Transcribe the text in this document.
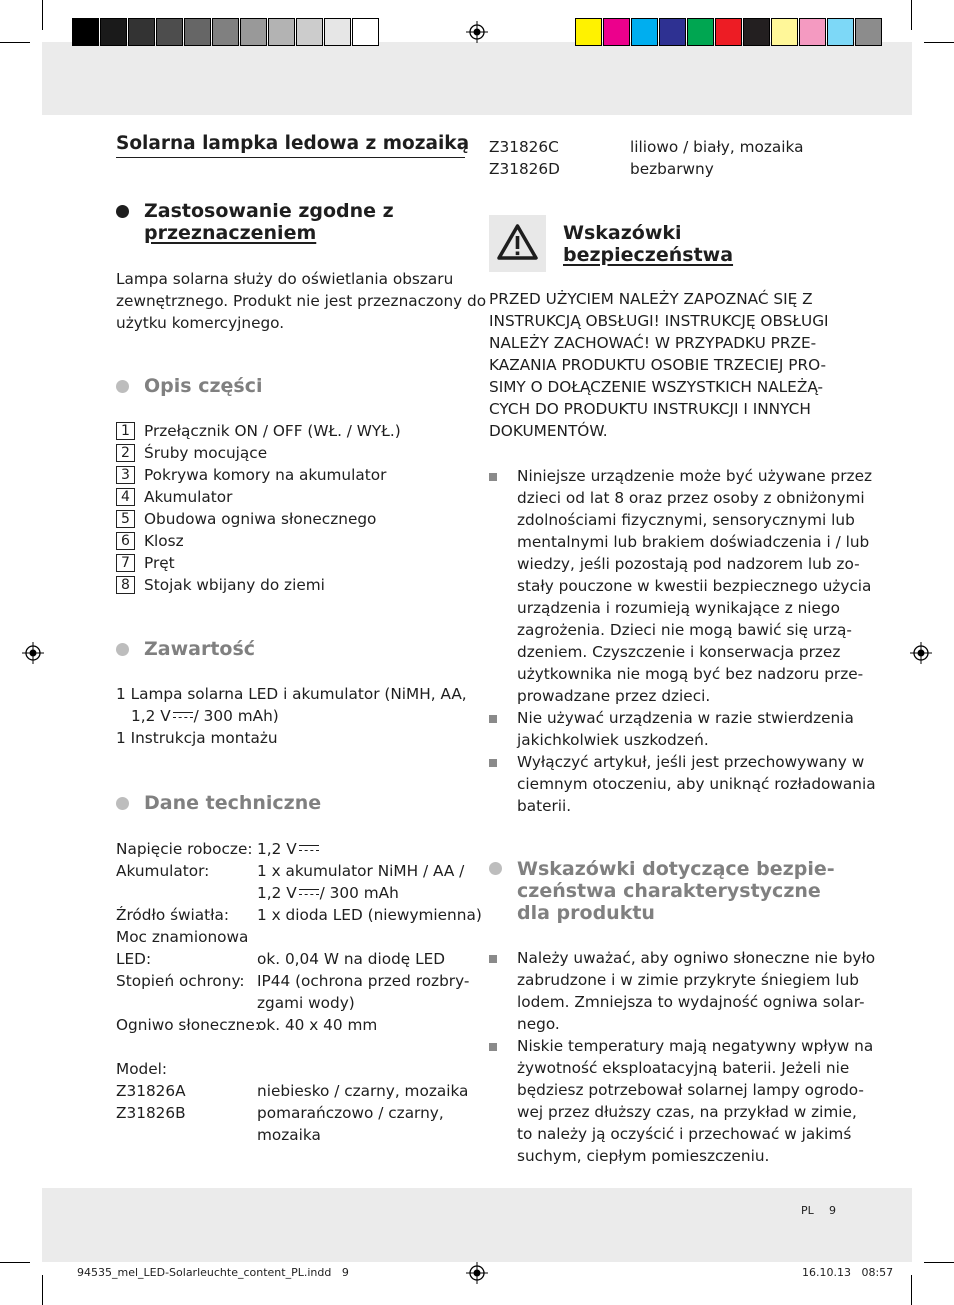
Solarna lampka ledowa z mozaiką
Zastosowanie zgodne z
przeznaczeniem
Lampa solarna służy do oświetlania obszaru
zewnętrznego. Produkt nie jest przeznaczony do
użytku komercyjnego.
Opis części
1 Przełącznik ON / OFF (WŁ. / WYŁ.)
2 Śruby mocujące
3 Pokrywa komory na akumulator
4 Akumulator
5 Obudowa ogniwa słonecznego
6 Klosz
7 Pręt
8 Stojak wbijany do ziemi
Zawartość
1 Lampa solarna LED i akumulator (NiMH, AA,
1,2 V / 300 mAh)
1 Instrukcja montażu
Dane techniczne
Napięcie robocze:
Akumulator:

Źródło światła:
Moc znamionowa
LED:
Stopień ochrony:

Ogniwo słoneczne:

Model:
Z31826A
Z31826B
1,2 V
1 x akumulator NiMH / AA /
1,2 V / 300 mAh
1 x dioda LED (niewymienna)

ok. 0,04 W na diodę LED
IP44 (ochrona przed rozbry-
zgami wody)
ok. 40 x 40 mm

niebiesko / czarny, mozaika
pomarańczowo / czarny,
mozaika
Z31826C
Z31826D
liliowo / biały, mozaika
bezbarwny
Wskazówki
bezpieczeństwa
PRZED UŻYCIEM NALEŻY ZAPOZNAĆ SIĘ Z
INSTRUKCJĄ OBSŁUGI! INSTRUKCJĘ OBSŁUGI
NALEŻY ZACHOWAĆ! W PRZYPADKU PRZE-
KAZANIA PRODUKTU OSOBIE TRZECIEJ PRO-
SIMY O DOŁĄCZENIE WSZYSTKICH NALEŻĄ-
CYCH DO PRODUKTU INSTRUKCJI I INNYCH
DOKUMENTÓW.
Niniejsze urządzenie może być używane przez
dzieci od lat 8 oraz przez osoby z obniżonymi
zdolnościami fizycznymi, sensorycznymi lub
mentalnymi lub brakiem doświadczenia i / lub
wiedzy, jeśli pozostają pod nadzorem lub zo-
stały pouczone w kwestii bezpiecznego użycia
urządzenia i rozumieją wynikające z niego
zagrożenia. Dzieci nie mogą bawić się urzą-
dzeniem. Czyszczenie i konserwacja przez
użytkownika nie mogą być bez nadzoru prze-
prowadzane przez dzieci.
Nie używać urządzenia w razie stwierdzenia
jakichkolwiek uszkodzeń.
Wyłączyć artykuł, jeśli jest przechowywany w
ciemnym otoczeniu, aby uniknąć rozładowania
baterii.
Wskazówki dotyczące bezpie-
czeństwa charakterystyczne
dla produktu
Należy uważać, aby ogniwo słoneczne nie było
zabrudzone i w zimie przykryte śniegiem lub
lodem. Zmniejsza to wydajność ogniwa solar-
nego.
Niskie temperatury mają negatywny wpływ na
żywotność eksploatacyjną baterii. Jeżeli nie
będziesz potrzebował solarnej lampy ogrodo-
wej przez dłuższy czas, na przykład w zimie,
to należy ją oczyścić i przechować w jakimś
suchym, ciepłym pomieszczeniu.
PL 9
94535_mel_LED-Solarleuchte_content_PL.indd   9	16.10.13   08:57
